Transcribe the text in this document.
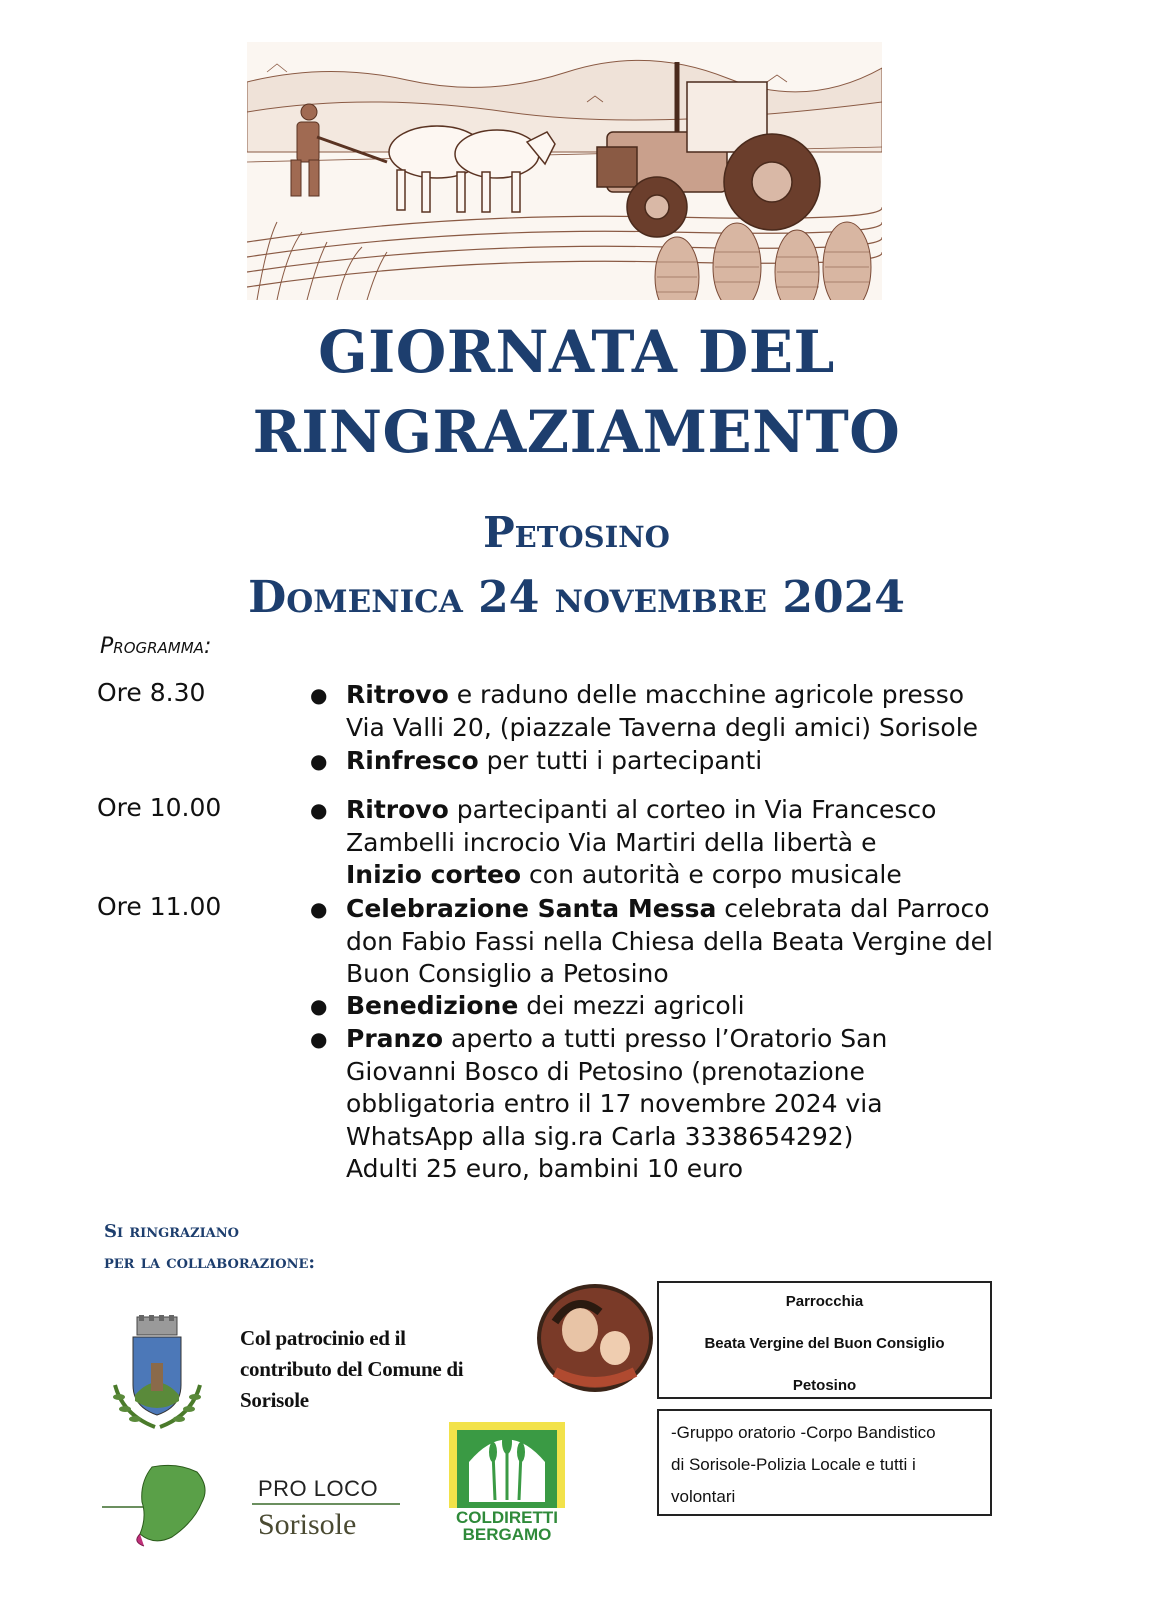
GIORNATA DEL
RINGRAZIAMENTO
Petosino
Domenica 24 novembre 2024
Programma:
Ore 8.30	● Ritrovo e raduno delle macchine agricole presso
Via Valli 20, (piazzale Taverna degli amici) Sorisole
● Rinfresco per tutti i partecipanti
Ore 10.00	● Ritrovo partecipanti al corteo in Via Francesco
Zambelli incrocio Via Martiri della libertà e
Inizio corteo con autorità e corpo musicale
Ore 11.00	● Celebrazione Santa Messa celebrata dal Parroco
don Fabio Fassi nella Chiesa della Beata Vergine del
Buon Consiglio a Petosino
● Benedizione dei mezzi agricoli
● Pranzo aperto a tutti presso l’Oratorio San
Giovanni Bosco di Petosino (prenotazione
obbligatoria entro il 17 novembre 2024 via
WhatsApp alla sig.ra Carla 3338654292)
Adulti 25 euro, bambini 10 euro
Si ringraziano
per la collaborazione:
Col patrocinio ed il
contributo del Comune di
Sorisole
Parrocchia
Beata Vergine del Buon Consiglio
Petosino
-Gruppo oratorio -Corpo Bandistico
di Sorisole-Polizia Locale e tutti i
volontari
PRO LOCO
Sorisole	COLDIRETTI
BERGAMO
